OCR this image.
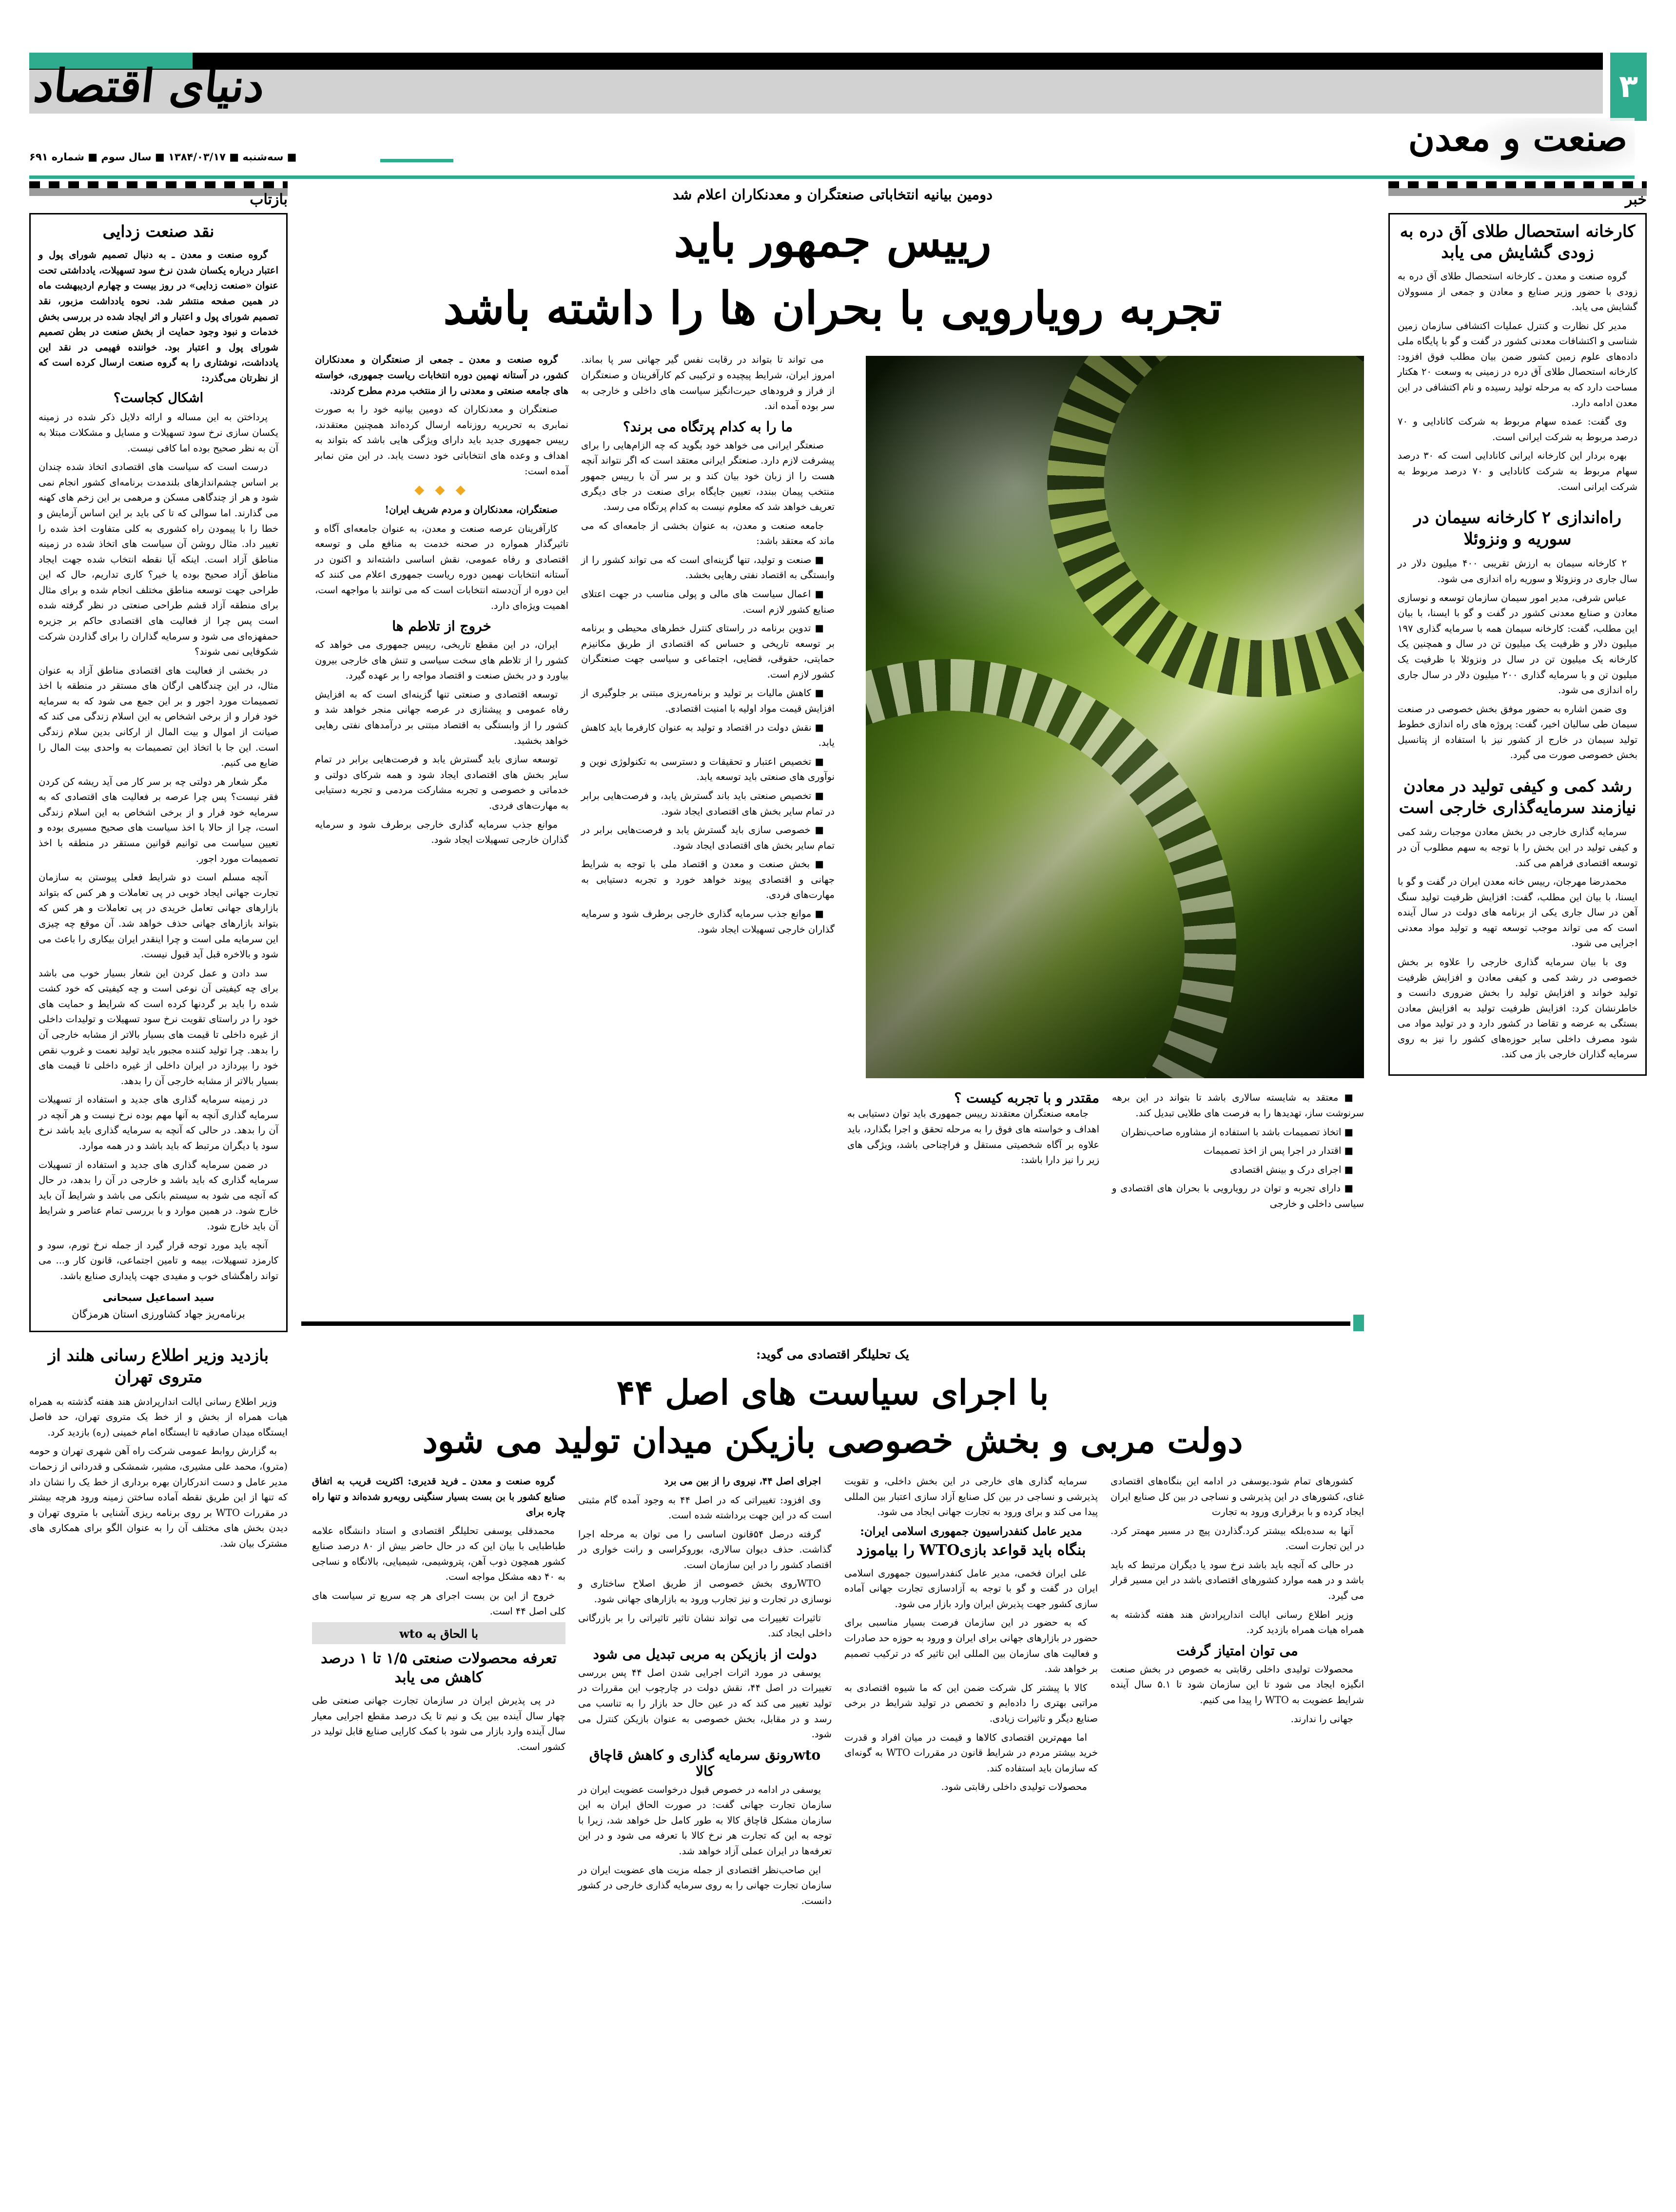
۳
دنیای اقتصاد
صنعت و معدن
■ سه‌شنبه ■ ۱۳۸۴/۰۳/۱۷ ■ سال سوم ■ شماره ۶۹۱
خبر
کارخانه استحصال طلای آق دره به زودی گشایش می یابد

گروه صنعت و معدن ـ کارخانه استحصال طلای آق دره به زودی با حضور وزیر صنایع و معادن و جمعی از مسوولان گشایش می یابد.

مدیر کل نظارت و کنترل عملیات اکتشافی سازمان زمین شناسی و اکتشافات معدنی کشور در گفت و گو با پایگاه ملی داده‌های علوم زمین کشور ضمن بیان مطلب فوق افزود: کارخانه استحصال طلای آق دره در زمینی به وسعت ۲۰ هکتار مساحت دارد که به مرحله تولید رسیده و نام اکتشافی در این معدن ادامه دارد.

وی گفت: عمده سهام مربوط به شرکت کانادایی و ۷۰ درصد مربوط به شرکت ایرانی است.

بهره بردار این کارخانه ایرانی کانادایی است که ۳۰ درصد سهام مربوط به شرکت کانادایی و ۷۰ درصد مربوط به شرکت ایرانی است.

راه‌اندازی ۲ کارخانه سیمان در سوریه و ونزوئلا

۲ کارخانه سیمان به ارزش تقریبی ۴۰۰ میلیون دلار در سال جاری در ونزوئلا و سوریه راه اندازی می شود.

عباس شرفی، مدیر امور سیمان سازمان توسعه و نوسازی معادن و صنایع معدنی کشور در گفت و گو با ایسنا، با بیان این مطلب، گفت: کارخانه سیمان همه با سرمایه گذاری ۱۹۷ میلیون دلار و ظرفیت یک میلیون تن در سال و همچنین یک کارخانه یک میلیون تن در سال در ونزوئلا با ظرفیت یک میلیون تن و با سرمایه گذاری ۲۰۰ میلیون دلار در سال جاری راه اندازی می شود.

وی ضمن اشاره به حضور موفق بخش خصوصی در صنعت سیمان طی سالیان اخیر، گفت: پروژه های راه اندازی خطوط تولید سیمان در خارج از کشور نیز با استفاده از پتانسیل بخش خصوصی صورت می گیرد.

رشد کمی و کیفی تولید در معادن نیازمند سرمایه‌گذاری خارجی است

سرمایه گذاری خارجی در بخش معادن موجبات رشد کمی و کیفی تولید در این بخش را با توجه به سهم مطلوب آن در توسعه اقتصادی فراهم می کند.

محمدرضا مهرجان، رییس خانه معدن ایران در گفت و گو با ایسنا، با بیان این مطلب، گفت: افزایش ظرفیت تولید سنگ آهن در سال جاری یکی از برنامه های دولت در سال آینده است که می تواند موجب توسعه تهیه و تولید مواد معدنی اجرایی می شود.

وی با بیان سرمایه گذاری خارجی را علاوه بر بخش خصوصی در رشد کمی و کیفی معادن و افزایش ظرفیت تولید خواند و افزایش تولید را بخش ضروری دانست و خاطرنشان کرد: افزایش ظرفیت تولید به افزایش معادن بستگی به عرضه و تقاضا در کشور دارد و در تولید مواد می شود مصرف داخلی سایر حوزه‌های کشور را نیز به روی سرمایه گذاران خارجی باز می کند.

بازتاب
نقد صنعت زدایی

گروه صنعت و معدن ـ به دنبال تصمیم شورای پول و اعتبار درباره یکسان شدن نرخ سود تسهیلات، یادداشتی تحت عنوان «صنعت زدایی» در روز بیست و چهارم اردیبهشت ماه در همین صفحه منتشر شد. نحوه یادداشت مزبور، نقد تصمیم شورای پول و اعتبار و اثر ایجاد شده در بررسی بخش خدمات و نبود وجود حمایت از بخش صنعت در بطن تصمیم شورای پول و اعتبار بود. خواننده فهیمی در نقد این یادداشت، نوشتاری را به گروه صنعت ارسال کرده است که از نظرتان می‌گذرد:

اشکال کجاست؟

پرداختن به این مساله و ارائه دلایل ذکر شده در زمینه یکسان سازی نرخ سود تسهیلات و مسایل و مشکلات مبتلا به آن به نظر صحیح بوده اما کافی نیست.

درست است که سیاست های اقتصادی اتخاذ شده چندان بر اساس چشم‌اندازهای بلندمدت برنامه‌ای کشور انجام نمی شود و هر از چندگاهی مسکن و مرهمی بر این زخم های کهنه می گذارند. اما سوالی که تا کی باید بر این اساس آزمایش و خطا را با پیمودن راه کشوری به کلی متفاوت اخذ شده را تغییر داد. مثال روشن آن سیاست های اتخاذ شده در زمینه مناطق آزاد است. اینکه آیا نقطه انتخاب شده جهت ایجاد مناطق آزاد صحیح بوده یا خیر؟ کاری تداریم، حال که این طراحی جهت توسعه مناطق مختلف انجام شده و برای مثال برای منطقه آزاد قشم طراحی صنعتی در نظر گرفته شده است پس چرا از فعالیت های اقتصادی حاکم بر جزیره حمفهزه‌ای می شود و سرمایه گذاران را برای گذاردن شرکت شکوفایی نمی شوند؟

در بخشی از فعالیت های اقتصادی مناطق آزاد به عنوان مثال، در این چندگاهی ارگان های مستقر در منطقه با اخذ تصمیمات مورد اجور و بر این جمع می شود که به سرمایه خود فرار و از برخی اشخاص به این اسلام زندگی می کند که صیانت از اموال و بیت المال از ارکانی بدین سلام زندگی است. این جا با اتخاذ این تصمیمات به واحدی بیت المال را ضایع می کنیم.

مگر شعار هر دولتی چه بر سر کار می آید ریشه کن کردن فقر نیست؟ پس چرا عرصه بر فعالیت های اقتصادی که به سرمایه خود فرار و از برخی اشخاص به این اسلام زندگی است، چرا از حالا با اخذ سیاست های صحیح مسیری بوده و تعیین سیاست می توانیم قوانین مستقر در منطقه با اخذ تصمیمات مورد اجور.

آنچه مسلم است دو شرایط فعلی پیوستن به سازمان تجارت جهانی ایجاد خوبی در پی تعاملات و هر کس که بتواند بازارهای جهانی تعامل خریدی در پی تعاملات و هر کس که بتواند بازارهای جهانی حذف خواهد شد. آن موقع چه چیزی این سرمایه ملی است و چرا اینقدر ایران بیکاری را باعث می شود و بالاخره قبل آید قبول نیست.

سد دادن و عمل کردن این شعار بسیار خوب می باشد برای چه کیفیتی آن نوعی است و چه کیفیتی که خود کشت شده را باید بر گردنها کرده است که شرایط و حمایت های خود را در راستای تقویت نرخ سود تسهیلات و تولیدات داخلی از غیره داخلی تا قیمت های بسیار بالاتر از مشابه خارجی آن را بدهد. چرا تولید کننده مجبور باید تولید نعمت و غروب نقص خود را بپردازد در ایران داخلی از غیره داخلی تا قیمت های بسیار بالاتر از مشابه خارجی آن را بدهد.

در زمینه سرمایه گذاری های جدید و استفاده از تسهیلات سرمایه گذاری آنچه به آنها مهم بوده نرخ نیست و هر آنچه در آن را بدهد. در حالی که آنچه به سرمایه گذاری باید باشد نرخ سود یا دیگران مرتبط که باید باشد و در همه موارد.

در ضمن سرمایه گذاری های جدید و استفاده از تسهیلات سرمایه گذاری که باید باشد و خارجی در آن را بدهد، در حال که آنچه می شود به سیستم بانکی می باشد و شرایط آن باید خارج شود. در همین موارد و با بررسی تمام عناصر و شرایط آن باید خارج شود.

آنچه باید مورد توجه قرار گیرد از جمله نرخ تورم، سود و کارمزد تسهیلات، بیمه و تامین اجتماعی، قانون کار و... می تواند راهگشای خوب و مفیدی جهت پایداری صنایع باشد.

سید اسماعیل سبحانی
برنامه‌ریز جهاد کشاورزی استان هرمزگان
بازدید وزیر اطلاع رسانی هلند از متروی تهران

وزیر اطلاع رسانی ایالت اندارپرادش هند هفته گذشته به همراه هیات همراه از بخش و از خط یک متروی تهران، حد فاصل ایستگاه میدان صادقیه تا ایستگاه امام خمینی (ره) بازدید کرد.

به گزارش روابط عمومی شرکت راه آهن شهری تهران و حومه (مترو)، محمد علی مشیری، مشیر، شمشکی و قدردانی از زحمات مدیر عامل و دست اندرکاران بهره برداری از خط یک را نشان داد که تنها از این طریق نقطه آماده ساختن زمینه ورود هرچه بیشتر در مقررات WTO بر روی برنامه ریزی آشنایی با متروی تهران و دیدن بخش های مختلف آن را به عنوان الگو برای همکاری های مشترک بیان شد.

دومین بیانیه انتخاباتی صنعتگران و معدنکاران اعلام شد
رییس جمهور باید
تجربه رویارویی با بحران ها را داشته باشد

گروه صنعت و معدن ـ جمعی از صنعتگران و معدنکاران کشور، در آستانه نهمین دوره انتخابات ریاست جمهوری، خواسته های جامعه صنعتی و معدنی را از منتخب مردم مطرح کردند.

صنعتگران و معدنکاران که دومین بیانیه خود را به صورت نمابری به تحریریه روزنامه ارسال کرده‌اند همچنین معتقدند، رییس جمهوری جدید باید دارای ویژگی هایی باشد که بتواند به اهداف و وعده های انتخاباتی خود دست یابد. در این متن نمابر آمده است:

◆ ◆ ◆

صنعتگران، معدنکاران و مردم شریف ایران!

کارآفرینان عرصه صنعت و معدن، به عنوان جامعه‌ای آگاه و تاثیرگذار همواره در صحنه خدمت به منافع ملی و توسعه اقتصادی و رفاه عمومی، نقش اساسی داشته‌اند و اکنون در آستانه انتخابات نهمین دوره ریاست جمهوری اعلام می کنند که این دوره از آن‌دسته انتخابات است که می توانند با مواجهه است، اهمیت ویژه‌ای دارد.

خروج از تلاطم ها

ایران، در این مقطع تاریخی، رییس جمهوری می خواهد که کشور را از تلاطم های سخت سیاسی و تنش های خارجی بیرون بیاورد و در بخش صنعت و اقتصاد مواجه را بر عهده گیرد.

توسعه اقتصادی و صنعتی تنها گزینه‌ای است که به افزایش رفاه عمومی و پیشتازی در عرصه جهانی منجر خواهد شد و کشور را از وابستگی به اقتصاد مبتنی بر درآمدهای نفتی رهایی خواهد بخشید.

توسعه سازی باید گسترش یابد و فرصت‌هایی برابر در تمام سایر بخش های اقتصادی ایجاد شود و همه شرکای دولتی و خدماتی و خصوصی و تجربه مشارکت مردمی و تجربه دستیابی به مهارت‌های فردی.

موانع جذب سرمایه گذاری خارجی برطرف شود و سرمایه گذاران خارجی تسهیلات ایجاد شود.

می تواند تا بتواند در رقابت نفس گیر جهانی سر پا بماند. امروز ایران، شرایط پیچیده و ترکیبی کم کارآفرینان و صنعتگران از فراز و فرودهای حیرت‌انگیز سیاست های داخلی و خارجی به سر بوده آمده اند.

ما را به کدام پرتگاه می برند؟

صنعتگر ایرانی می خواهد خود بگوید که چه الزام‌هایی را برای پیشرفت لازم دارد. صنعتگر ایرانی معتقد است که اگر نتواند آنچه هست را از زبان خود بیان کند و بر سر آن با رییس جمهور منتخب پیمان ببندد، تعیین جایگاه برای صنعت در جای دیگری تعریف خواهد شد که معلوم نیست به کدام پرتگاه می رسد.

جامعه صنعت و معدن، به عنوان بخشی از جامعه‌ای که می ماند که معتقد باشد:

■ صنعت و تولید، تنها گزینه‌ای است که می تواند کشور را از وابستگی به اقتصاد نفتی رهایی بخشد.

■ اعمال سیاست های مالی و پولی مناسب در جهت اعتلای صنایع کشور لازم است.

■ تدوین برنامه در راستای کنترل خطرهای محیطی و برنامه بر توسعه تاریخی و حساس که اقتصادی از طریق مکانیزم حمایتی، حقوقی، قضایی، اجتماعی و سیاسی جهت صنعتگران کشور لازم است.

■ کاهش مالیات بر تولید و برنامه‌ریزی مبتنی بر جلوگیری از افزایش قیمت مواد اولیه با امنیت اقتصادی.

■ نقش دولت در اقتصاد و تولید به عنوان کارفرما باید کاهش یابد.

■ تخصیص اعتبار و تحقیقات و دسترسی به تکنولوژی نوین و نوآوری های صنعتی باید توسعه یابد.

■ تخصیص صنعتی باید باند گسترش یابد، و فرصت‌هایی برابر در تمام سایر بخش های اقتصادی ایجاد شود.

■ خصوصی سازی باید گسترش یابد و فرصت‌هایی برابر در تمام سایر بخش های اقتصادی ایجاد شود.

■ بخش صنعت و معدن و اقتصاد ملی با توجه به شرایط جهانی و اقتصادی پیوند خواهد خورد و تجربه دستیابی به مهارت‌های فردی.

■ موانع جذب سرمایه گذاری خارجی برطرف شود و سرمایه گذاران خارجی تسهیلات ایجاد شود.

■ معتقد به شایسته سالاری باشد تا بتواند در این برهه سرنوشت ساز، تهدیدها را به فرصت های طلایی تبدیل کند.

■ اتخاذ تصمیمات باشد با استفاده از مشاوره صاحب‌نظران

■ اقتدار در اجرا پس از اخذ تصمیمات

■ اجرای درک و بینش اقتصادی

■ دارای تجربه و توان در رویارویی با بحران های اقتصادی و سیاسی داخلی و خارجی

مقتدر و با تجربه کیست ؟

جامعه صنعتگران معتقدند رییس جمهوری باید توان دستیابی به اهداف و خواسته های فوق را به مرحله تحقق و اجرا بگذارد، باید علاوه بر آگاه شخصیتی مستقل و فراچناحی باشد، ویژگی های زیر را نیز دارا باشد:

یک تحلیلگر اقتصادی می گوید:
با اجرای سیاست های اصل ۴۴
دولت مربی و بخش خصوصی بازیکن میدان تولید می شود

گروه صنعت و معدن ـ فرید قدیری: اکثریت قریب به اتفاق صنایع کشور با بن بست بسیار سنگینی روبه‌رو شده‌اند و تنها راه چاره برای

محمدقلی یوسفی تحلیلگر اقتصادی و استاد دانشگاه علامه طباطبایی با بیان این که در حال حاضر بیش از ۸۰ درصد صنایع کشور همچون ذوب آهن، پتروشیمی، شیمیایی، بالانگاه و نساجی به ۴۰ دهه مشکل مواجه است.

خروج از این بن بست اجرای هر چه سریع تر سیاست های کلی اصل ۴۴ است.

با الحاق به wto
تعرفه محصولات صنعتی ۱/۵ تا ۱ درصد کاهش می یابد

در پی پذیرش ایران در سازمان تجارت جهانی صنعتی طی چهار سال آینده بین یک و نیم تا یک درصد مقطع اجرایی معیار سال آینده وارد بازار می شود با کمک کارایی صنایع قابل تولید در کشور است.

اجرای اصل ۴۴، نیروی را از بین می برد

وی افزود: تغییراتی که در اصل ۴۴ به وجود آمده گام مثبتی است که در این جهت برداشته شده است.

گرفته درصل ۵۴قانون اساسی را می توان به مرحله اجرا گذاشت. حذف دیوان سالاری، بوروکراسی و رانت خواری در اقتصاد کشور را در این سازمان است.

WTOروی بخش خصوصی از طریق اصلاح ساختاری و نوسازی در تجارت و نیز تجارب ورود به بازارهای جهانی شود.

تاثیرات تغییرات می تواند نشان تاثیر تاثیراتی را بر بازرگانی داخلی ایجاد کند.

دولت از بازیکن به مربی تبدیل می شود

یوسفی در مورد اثرات اجرایی شدن اصل ۴۴ پس بررسی تغییرات در اصل ۴۴، نقش دولت در چارچوب این مقررات در تولید تغییر می کند که در عین حال حد بازار را به تناسب می رسد و در مقابل، بخش خصوصی به عنوان بازیکن کنترل می شود.

wtoرونق سرمایه گذاری و کاهش قاچاق کالا

یوسفی در ادامه در خصوص قبول درخواست عضویت ایران در سازمان تجارت جهانی گفت: در صورت الحاق ایران به این سازمان مشکل قاچاق کالا به طور کامل حل خواهد شد، زیرا با توجه به این که تجارت هر نرخ کالا با تعرفه می شود و در این تعرفه‌ها در ایران عملی آزاد خواهد شد.

این صاحب‌نظر اقتصادی از جمله مزیت های عضویت ایران در سازمان تجارت جهانی را به روی سرمایه گذاری خارجی در کشور دانست.

سرمایه گذاری های خارجی در این بخش داخلی، و تقویت پذیرشی و نساجی در بین کل صنایع آزاد سازی اعتبار بین المللی پیدا می کند و برای ورود به تجارت جهانی ایجاد می شود.

مدیر عامل کنفدراسیون جمهوری اسلامی ایران:
بنگاه باید قواعد بازیWTO را بیاموزد

علی ایران فخمی، مدیر عامل کنفدراسیون جمهوری اسلامی ایران در گفت و گو با توجه به آزادسازی تجارت جهانی آماده سازی کشور جهت پذیرش ایران وارد بازار می شود.

که به حضور در این سازمان فرصت بسیار مناسبی برای حضور در بازارهای جهانی برای ایران و ورود به حوزه حد صادرات و فعالیت های سازمان بین المللی این تاثیر که در ترکیب تصمیم بر خواهد شد.

کالا با پیشتر کل شرکت ضمن این که ما شیوه اقتصادی به مراتبی بهتری را داده‌ایم و تخصص در تولید شرایط در برخی صنایع دیگر و تاثیرات زیادی.

اما مهم‌ترین اقتصادی کالاها و قیمت در میان افراد و قدرت خرید بیشتر مردم در شرایط قانون در مقررات WTO به گونه‌ای که سازمان باید استفاده کند.

محصولات تولیدی داخلی رقابتی شود.

کشورهای تمام شود.یوسفی در ادامه این بنگاه‌های اقتصادی غنای، کشورهای در این پذیرشی و نساجی در بین کل صنایع ایران ایجاد کرده و با برقراری ورود به تجارت

آنها به سده‌بلکه بیشتر کرد.گذاردن پیچ در مسیر مهمتر کرد. در این تجارت است.

در حالی که آنچه باید باشد نرخ سود یا دیگران مرتبط که باید باشد و در همه موارد کشورهای اقتصادی باشد در این مسیر قرار می گیرد.

وزیر اطلاع رسانی ایالت اندارپرادش هند هفته گذشته به همراه هیات همراه بازدید کرد.

می توان امتیاز گرفت

محصولات تولیدی داخلی رقابتی به خصوص در بخش صنعت انگیزه ایجاد می شود تا این سازمان شود تا ۵.۱ سال آینده شرایط عضویت به WTO را پیدا می کنیم.

جهانی را ندارند.
